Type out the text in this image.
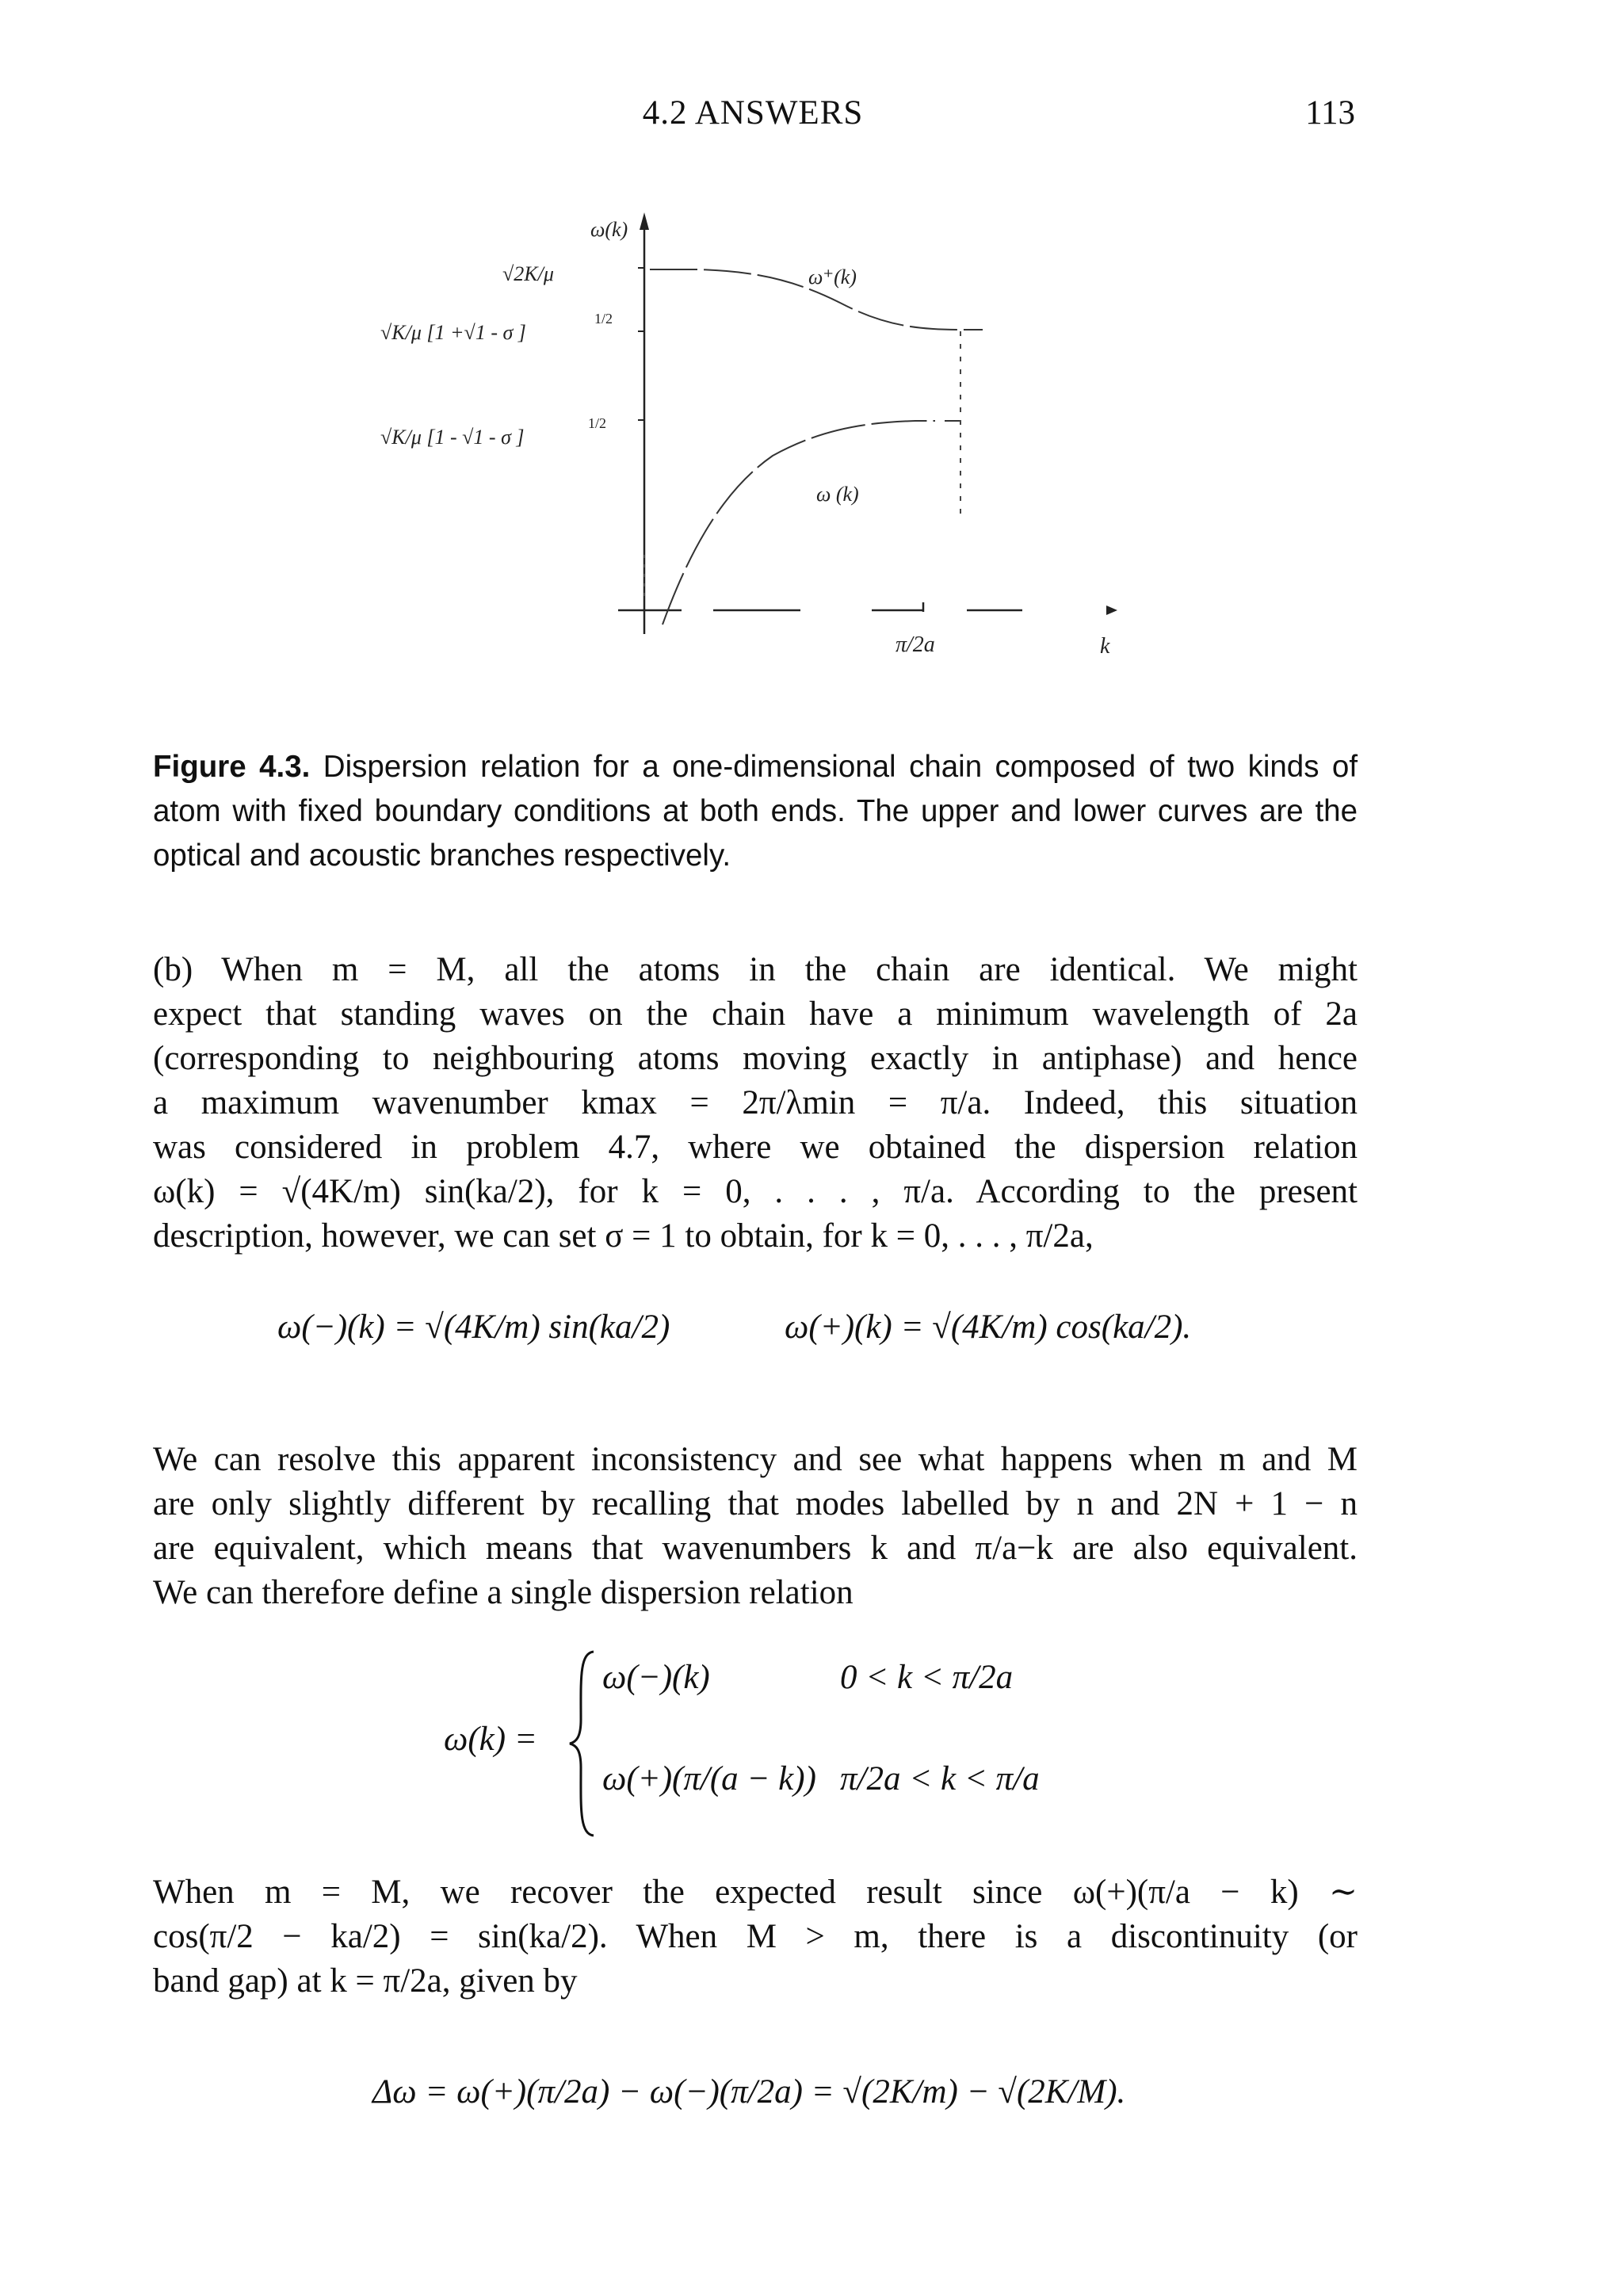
4.2 ANSWERS	113
ω(k)
√2K/μ
√K/μ [1 +√1 - σ ]
1/2
√K/μ [1 - √1 - σ ]
1/2
ω⁺(k)
ω (k)
π/2a	k
Figure 4.3. Dispersion relation for a one-dimensional chain composed of two kinds of
atom with fixed boundary conditions at both ends. The upper and lower curves are the
optical and acoustic branches respectively.
(b) When m = M, all the atoms in the chain are identical. We might
expect that standing waves on the chain have a minimum wavelength of 2a
(corresponding to neighbouring atoms moving exactly in antiphase) and hence
a maximum wavenumber kmax = 2π/λmin = π/a. Indeed, this situation
was considered in problem 4.7, where we obtained the dispersion relation
ω(k) = √(4K/m) sin(ka/2), for k = 0, . . . , π/a. According to the present
description, however, we can set σ = 1 to obtain, for k = 0, . . . , π/2a,
ω(−)(k) = √(4K/m) sin(ka/2)	ω(+)(k) = √(4K/m) cos(ka/2).
We can resolve this apparent inconsistency and see what happens when m and M
are only slightly different by recalling that modes labelled by n and 2N + 1 − n
are equivalent, which means that wavenumbers k and π/a−k are also equivalent.
We can therefore define a single dispersion relation
ω(k) =
ω(−)(k)	0 < k < π/2a
ω(+)(π/(a − k)) π/2a < k < π/a
When m = M, we recover the expected result since ω(+)(π/a − k) ∼
cos(π/2 − ka/2) = sin(ka/2). When M > m, there is a discontinuity (or
band gap) at k = π/2a, given by
Δω = ω(+)(π/2a) − ω(−)(π/2a) = √(2K/m) − √(2K/M).
